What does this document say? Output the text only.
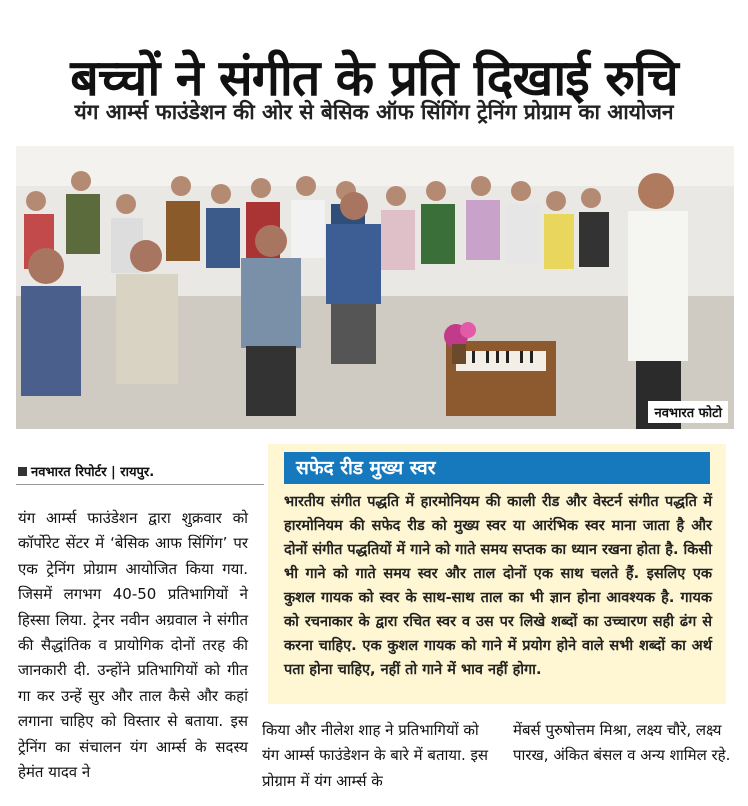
बच्चों ने संगीत के प्रति दिखाई रुचि
यंग आर्म्स फाउंडेशन की ओर से बेसिक ऑफ सिंगिंग ट्रेनिंग प्रोग्राम का आयोजन
नवभारत फोटो
नवभारत रिपोर्टर | रायपुर.	सफेद रीड मुख्य स्वर
भारतीय संगीत पद्धति में हारमोनियम की काली रीड और वेस्टर्न संगीत पद्धति में हारमोनियम की सफेद रीड को मुख्य स्वर या आरंभिक स्वर माना जाता है और दोनों संगीत पद्धतियों में गाने को गाते समय सप्तक का ध्यान रखना होता है. किसी भी गाने को गाते समय स्वर और ताल दोनों एक साथ चलते हैं. इसलिए एक कुशल गायक को स्वर के साथ-साथ ताल का भी ज्ञान होना आवश्यक है. गायक को रचनाकार के द्वारा रचित स्वर व उस पर लिखे शब्दों का उच्चारण सही ढंग से करना चाहिए. एक कुशल गायक को गाने में प्रयोग होने वाले सभी शब्दों का अर्थ पता होना चाहिए, नहीं तो गाने में भाव नहीं होगा.
यंग आर्म्स फाउंडेशन द्वारा शुक्रवार को कॉर्पोरेट सेंटर में ‘बेसिक आफ सिंगिंग’ पर एक ट्रेनिंग प्रोग्राम आयोजित किया गया. जिसमें लगभग 40-50 प्रतिभागियों ने हिस्सा लिया. ट्रेनर नवीन अग्रवाल ने संगीत की सैद्धांतिक व प्रायोगिक दोनों तरह की जानकारी दी. उन्होंने प्रतिभागियों को गीत गा कर उन्हें सुर और ताल कैसे और कहां लगाना चाहिए को विस्तार से बताया. इस ट्रेनिंग का संचालन यंग आर्म्स के सदस्य हेमंत यादव ने
किया और नीलेश शाह ने प्रतिभागियों को यंग आर्म्स फाउंडेशन के बारे में बताया. इस प्रोग्राम में यंग आर्म्स के
मेंबर्स पुरुषोत्तम मिश्रा, लक्ष्य चौरे, लक्ष्य पारख, अंकित बंसल व अन्य शामिल रहे.
